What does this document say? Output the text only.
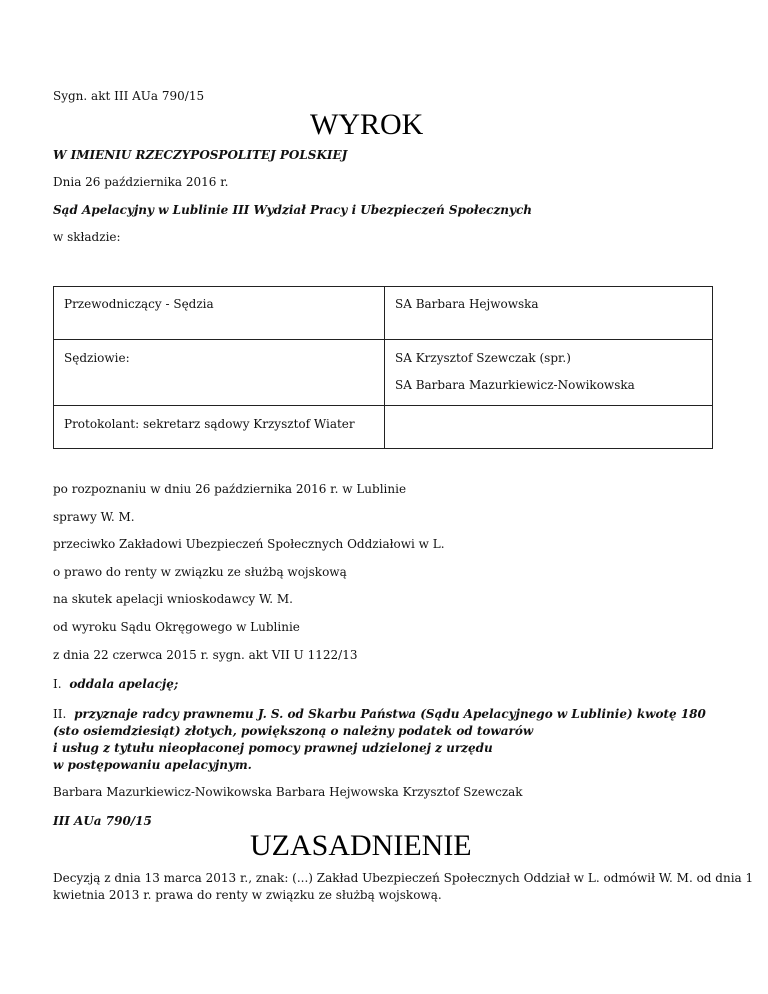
Sygn. akt III AUa 790/15
WYROK
W IMIENIU RZECZYPOSPOLITEJ POLSKIEJ
Dnia 26 października 2016 r.
Sąd Apelacyjny w Lublinie III Wydział Pracy i Ubezpieczeń Społecznych
w składzie:
Przewodniczący - Sędzia	SA Barbara Hejwowska

Sędziowie:	SA Krzysztof Szewczak (spr.)
SA Barbara Mazurkiewicz-Nowikowska

Protokolant: sekretarz sądowy Krzysztof Wiater	

po rozpoznaniu w dniu 26 października 2016 r. w Lublinie
sprawy W. M.
przeciwko Zakładowi Ubezpieczeń Społecznych Oddziałowi w L.
o prawo do renty w związku ze służbą wojskową
na skutek apelacji wnioskodawcy W. M.
od wyroku Sądu Okręgowego w Lublinie
z dnia 22 czerwca 2015 r. sygn. akt VII U 1122/13
I. oddala apelację;
II. przyznaje radcy prawnemu J. S. od Skarbu Państwa (Sądu Apelacyjnego w Lublinie) kwotę 180
(sto osiemdziesiąt) złotych, powiększoną o należny podatek od towarów
i usług z tytułu nieopłaconej pomocy prawnej udzielonej z urzędu
w postępowaniu apelacyjnym.
Barbara Mazurkiewicz-Nowikowska Barbara Hejwowska Krzysztof Szewczak
III AUa 790/15
UZASADNIENIE
Decyzją z dnia 13 marca 2013 r., znak: (...) Zakład Ubezpieczeń Społecznych Oddział w L. odmówił W. M. od dnia 1
kwietnia 2013 r. prawa do renty w związku ze służbą wojskową.
